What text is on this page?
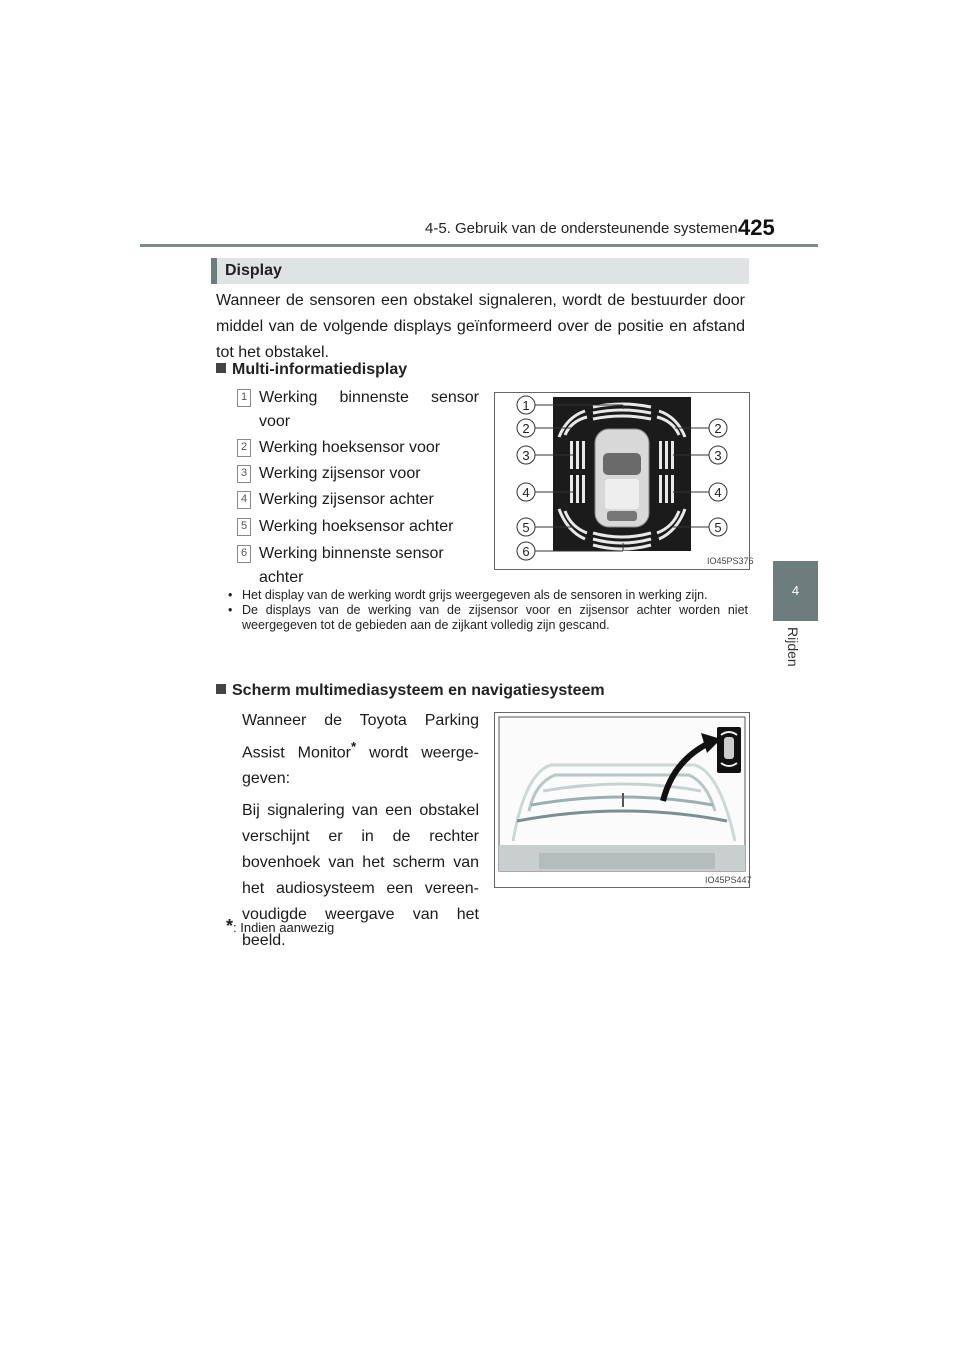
4-5. Gebruik van de ondersteunende systemen 425
4
Rijden
Display
Wanneer de sensoren een obstakel signaleren, wordt de bestuurder door middel van de volgende displays geïnformeerd over de positie en afstand tot het obstakel.
Multi-informatiedisplay
1 Werking binnenste sensor voor
2 Werking hoeksensor voor
3 Werking zijsensor voor
4 Werking zijsensor achter
5 Werking hoeksensor achter
6 Werking binnenste sensor achter
1
2	2
3	3
4	4
5	5
6
IO45PS376
• Het display van de werking wordt grijs weergegeven als de sensoren in werking zijn.
• De displays van de werking van de zijsensor voor en zijsensor achter worden niet weergegeven tot de gebieden aan de zijkant volledig zijn gescand.
Scherm multimediasysteem en navigatiesysteem

Wanneer de Toyota Parking Assist Monitor* wordt weerge-geven:

Bij signalering van een obstakel verschijnt er in de rechter bovenhoek van het scherm van het audiosysteem een vereen-voudigde weergave van het beeld.

IO45PS447
*: Indien aanwezig
